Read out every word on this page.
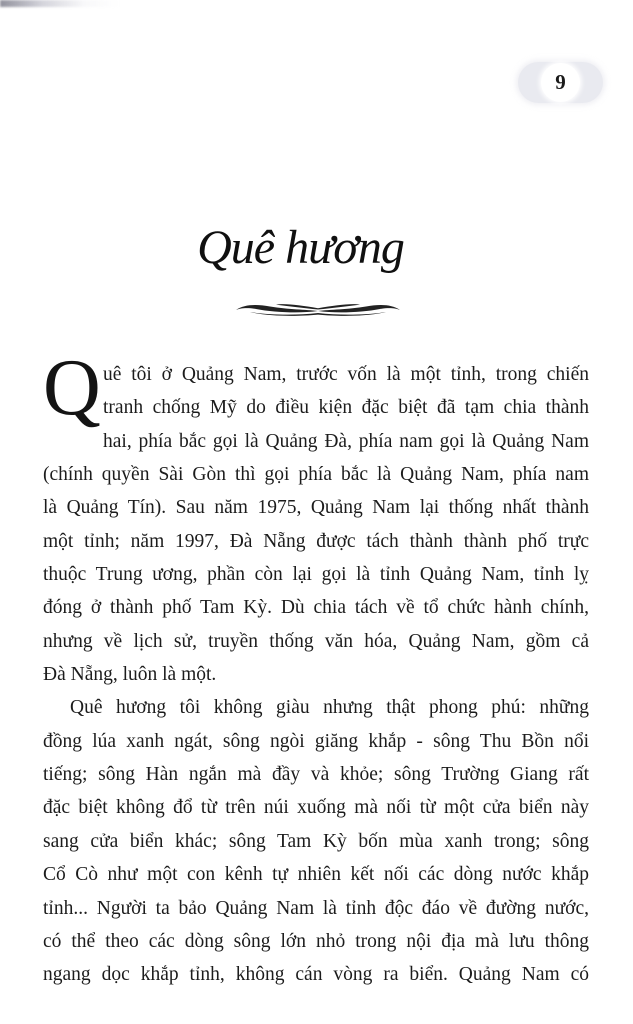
9
Quê hương
Q uê tôi ở Quảng Nam, trước vốn là một tỉnh, trong chiến
tranh chống Mỹ do điều kiện đặc biệt đã tạm chia thành
hai, phía bắc gọi là Quảng Đà, phía nam gọi là Quảng Nam
(chính quyền Sài Gòn thì gọi phía bắc là Quảng Nam, phía nam
là Quảng Tín). Sau năm 1975, Quảng Nam lại thống nhất thành
một tỉnh; năm 1997, Đà Nẵng được tách thành thành phố trực
thuộc Trung ương, phần còn lại gọi là tỉnh Quảng Nam, tỉnh lỵ
đóng ở thành phố Tam Kỳ. Dù chia tách về tổ chức hành chính,
nhưng về lịch sử, truyền thống văn hóa, Quảng Nam, gồm cả
Đà Nẵng, luôn là một.
Quê hương tôi không giàu nhưng thật phong phú: những
đồng lúa xanh ngát, sông ngòi giăng khắp - sông Thu Bồn nổi
tiếng; sông Hàn ngắn mà đầy và khỏe; sông Trường Giang rất
đặc biệt không đổ từ trên núi xuống mà nối từ một cửa biển này
sang cửa biển khác; sông Tam Kỳ bốn mùa xanh trong; sông
Cổ Cò như một con kênh tự nhiên kết nối các dòng nước khắp
tỉnh... Người ta bảo Quảng Nam là tỉnh độc đáo về đường nước,
có thể theo các dòng sông lớn nhỏ trong nội địa mà lưu thông
ngang dọc khắp tỉnh, không cán vòng ra biển. Quảng Nam có
